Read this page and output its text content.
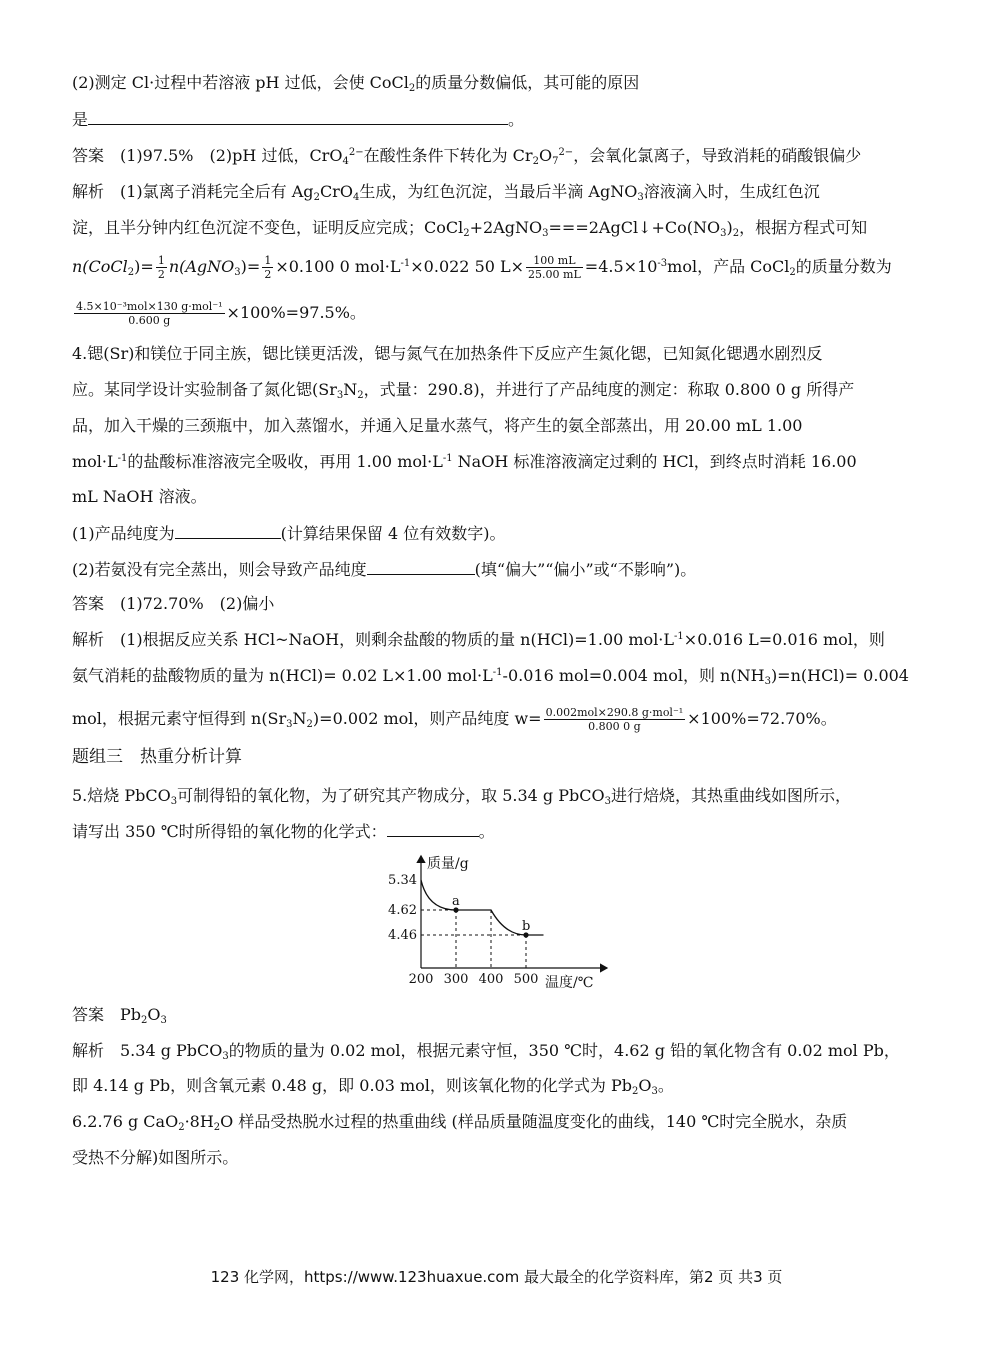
(2)测定 Cl·过程中若溶液 pH 过低，会使 CoCl$_2$的质量分数偏低，其可能的原因
是	。
答案　(1)97.5%　(2)pH 过低，CrO$_4^{2-}$在酸性条件下转化为 $Cr_2O_7^{2-}$，会氧化氯离子，导致消耗的硝酸银偏少
解析　(1)氯离子消耗完全后有 $Ag_2CrO_4$生成，为红色沉淀，当最后半滴 AgNO$_3$溶液滴入时，生成红色沉
淀，且半分钟内红色沉淀不变色，证明反应完成；$CoCl_2+2AgNO_3===2AgCl↓+Co(NO_3)_2$，根据方程式可知
n(CoCl$_2$)= $\frac{1}{2}$ n(AgNO$_3$)= $\frac{1}{2} \times 0.100$ 0 $mol\cdot L^{-1}\times 0.022$ 50 $L\times \frac{100 mL}{25.00 mL} =4.5\times 10^{-3}mol$，产品 CoCl$_2$的质量分数为
$\frac{\text{4.5×10⁻³mol×130 g·mol⁻¹}}{0.600 g} \times 100\%=97.5\%$。
4.锶(Sr)和镁位于同主族，锶比镁更活泼，锶与氮气在加热条件下反应产生氮化锶，已知氮化锶遇水剧烈反
应。某同学设计实验制备了氮化锶($Sr_3N_2$，式量：290.8)，并进行了产品纯度的测定：称取 0.800 0 g 所得产
品，加入干燥的三颈瓶中，加入蒸馏水，并通入足量水蒸气，将产生的氨全部蒸出，用 20.00 mL 1.00
$mol\cdot L^{-1}$的盐酸标准溶液完全吸收，再用 1.00 $mol\cdot L^{-1}$ NaOH 标准溶液滴定过剩的 HCl，到终点时消耗 16.00
mL NaOH 溶液。
(1)产品纯度为	(计算结果保留 4 位有效数字)。
(2)若氨没有完全蒸出，则会导致产品纯度	(填“偏大”“偏小”或“不影响”)。
答案　(1)72.70%　(2)偏小
解析　(1)根据反应关系 HCl~NaOH，则剩余盐酸的物质的量 n(HCl)=1.00 $mol\cdot L^{-1}\times 0.016$ L=0.016 mol，则
氨气消耗的盐酸物质的量为 n(HCl)= 0.02 L×1.00 $mol\cdot L^{-1}-0.016$ mol=0.004 mol，则 $n(NH_3)=n(HCl)= 0.004$
mol，根据元素守恒得到 $n(Sr_3N_2)=0.002$ mol，则产品纯度 $w= \frac{\text{0.002mol×290.8 g·mol⁻¹}}{0.800 0 g} \times 100\%=72.70\%$。
题组三　热重分析计算
5.焙烧 PbCO$_3$可制得铅的氧化物，为了研究其产物成分，取 5.34 g PbCO$_3$进行焙烧，其热重曲线如图所示，
请写出 350 ℃时所得铅的氧化物的化学式：	。
a
b
5.34
4.62
4.46
200 300 400 500
质量/g
温度/℃
答案　$Pb_2O_3$
解析　5.34 g PbCO$_3$的物质的量为 0.02 mol，根据元素守恒，350 ℃时，4.62 g 铅的氧化物含有 0.02 mol Pb，
即 4.14 g Pb，则含氧元素 0.48 g，即 0.03 mol，则该氧化物的化学式为 $Pb_2O_3$。
6.2.76 g $CaO_2\cdot 8H_2O$ 样品受热脱水过程的热重曲线 (样品质量随温度变化的曲线，140 ℃时完全脱水，杂质
受热不分解)如图所示。
123 化学网，https://www.123huaxue.com 最大最全的化学资料库，第2 页 共3 页
